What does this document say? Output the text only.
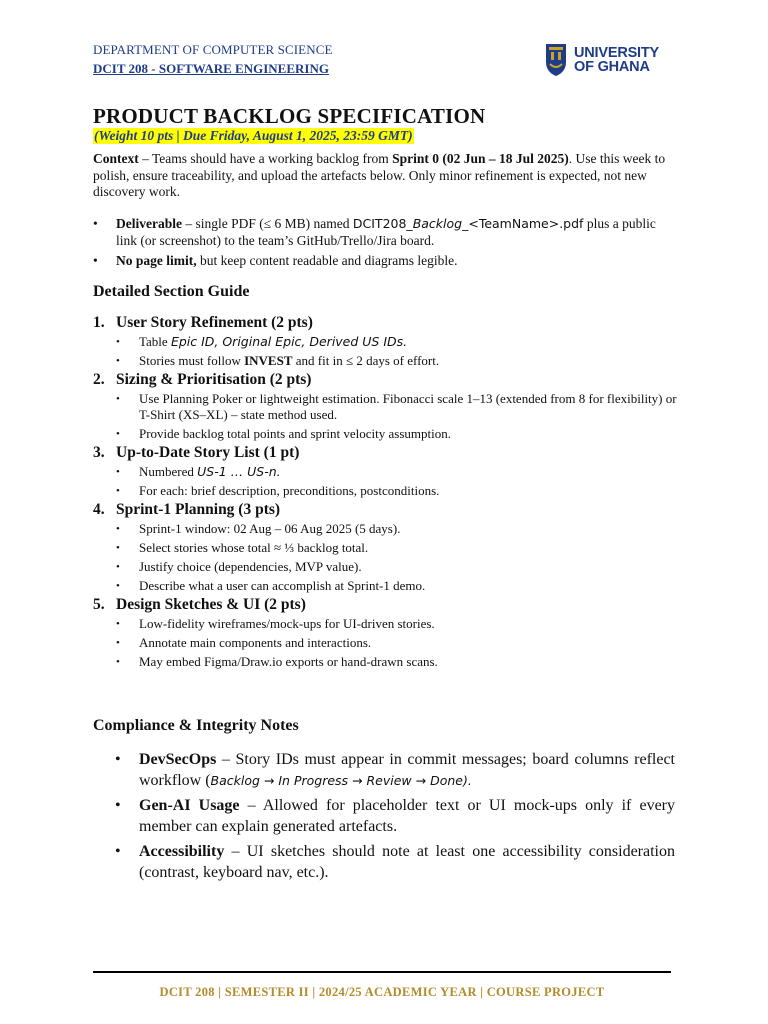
DEPARTMENT OF COMPUTER SCIENCE
DCIT 208 - SOFTWARE ENGINEERING
UNIVERSITY
OF GHANA
PRODUCT BACKLOG SPECIFICATION
(Weight 10 pts | Due Friday, August 1, 2025, 23:59 GMT)
Context – Teams should have a working backlog from Sprint 0 (02 Jun – 18 Jul 2025). Use this week to polish, ensure traceability, and upload the artefacts below. Only minor refinement is expected, not new discovery work.
• Deliverable – single PDF (≤ 6 MB) named DCIT208_Backlog_<TeamName>.pdf plus a public link (or screenshot) to the team’s GitHub/Trello/Jira board.
• No page limit, but keep content readable and diagrams legible.
Detailed Section Guide
1. User Story Refinement (2 pts)
• Table Epic ID, Original Epic, Derived US IDs.
• Stories must follow INVEST and fit in ≤ 2 days of effort.
2. Sizing & Prioritisation (2 pts)
• Use Planning Poker or lightweight estimation. Fibonacci scale 1–13 (extended from 8 for flexibility) or T-Shirt (XS–XL) – state method used.
• Provide backlog total points and sprint velocity assumption.
3. Up-to-Date Story List (1 pt)
• Numbered US-1 … US-n.
• For each: brief description, preconditions, postconditions.
4. Sprint-1 Planning (3 pts)
• Sprint-1 window: 02 Aug – 06 Aug 2025 (5 days).
• Select stories whose total ≈ ⅓ backlog total.
• Justify choice (dependencies, MVP value).
• Describe what a user can accomplish at Sprint-1 demo.
5. Design Sketches & UI (2 pts)
• Low-fidelity wireframes/mock-ups for UI-driven stories.
• Annotate main components and interactions.
• May embed Figma/Draw.io exports or hand-drawn scans.
Compliance & Integrity Notes
• DevSecOps – Story IDs must appear in commit messages; board columns reflect workflow (Backlog → In Progress → Review → Done).
• Gen-AI Usage – Allowed for placeholder text or UI mock-ups only if every member can explain generated artefacts.
• Accessibility – UI sketches should note at least one accessibility consideration (contrast, keyboard nav, etc.).
DCIT 208 | SEMESTER II | 2024/25 ACADEMIC YEAR | COURSE PROJECT
